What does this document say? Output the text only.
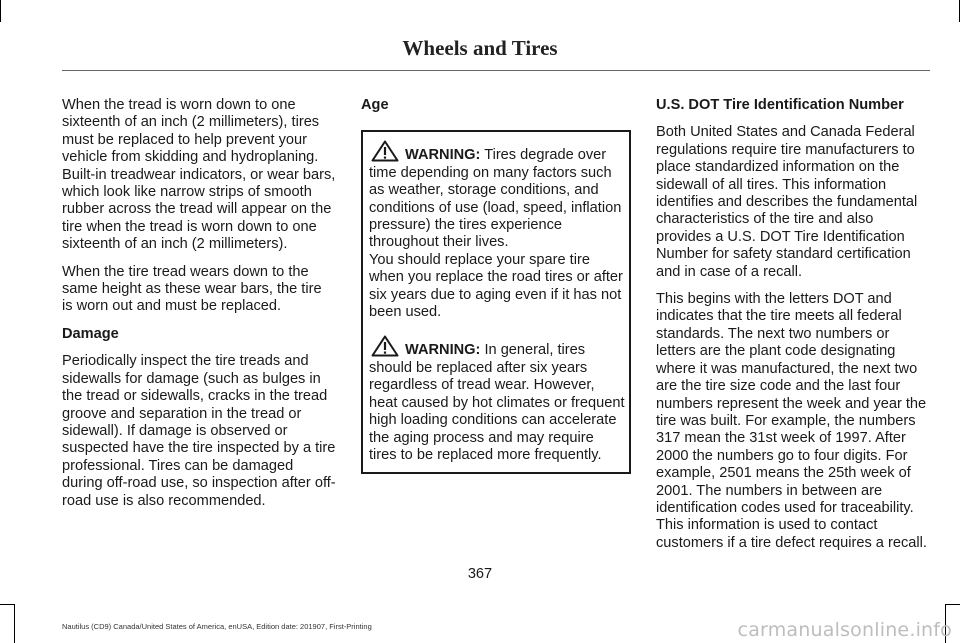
Wheels and Tires

When the tread is worn down to one sixteenth of an inch (2 millimeters), tires must be replaced to help prevent your vehicle from skidding and hydroplaning. Built-in treadwear indicators, or wear bars, which look like narrow strips of smooth rubber across the tread will appear on the tire when the tread is worn down to one sixteenth of an inch (2 millimeters).

When the tire tread wears down to the same height as these wear bars, the tire is worn out and must be replaced.

Damage

Periodically inspect the tire treads and sidewalls for damage (such as bulges in the tread or sidewalls, cracks in the tread groove and separation in the tread or sidewall). If damage is observed or suspected have the tire inspected by a tire professional. Tires can be damaged during off-road use, so inspection after off-road use is also recommended.

Age

WARNING: Tires degrade over time depending on many factors such as weather, storage conditions, and conditions of use (load, speed, inflation pressure) the tires experience throughout their lives.

You should replace your spare tire when you replace the road tires or after six years due to aging even if it has not been used.

WARNING: In general, tires should be replaced after six years regardless of tread wear. However, heat caused by hot climates or frequent high loading conditions can accelerate the aging process and may require tires to be replaced more frequently.

U.S. DOT Tire Identification Number

Both United States and Canada Federal regulations require tire manufacturers to place standardized information on the sidewall of all tires. This information identifies and describes the fundamental characteristics of the tire and also provides a U.S. DOT Tire Identification Number for safety standard certification and in case of a recall.

This begins with the letters DOT and indicates that the tire meets all federal standards. The next two numbers or letters are the plant code designating where it was manufactured, the next two are the tire size code and the last four numbers represent the week and year the tire was built. For example, the numbers 317 mean the 31st week of 1997. After 2000 the numbers go to four digits. For example, 2501 means the 25th week of 2001. The numbers in between are identification codes used for traceability. This information is used to contact customers if a tire defect requires a recall.

367
Nautilus (CD9) Canada/United States of America, enUSA, Edition date: 201907, First-Printing	carmanualsonline.info
